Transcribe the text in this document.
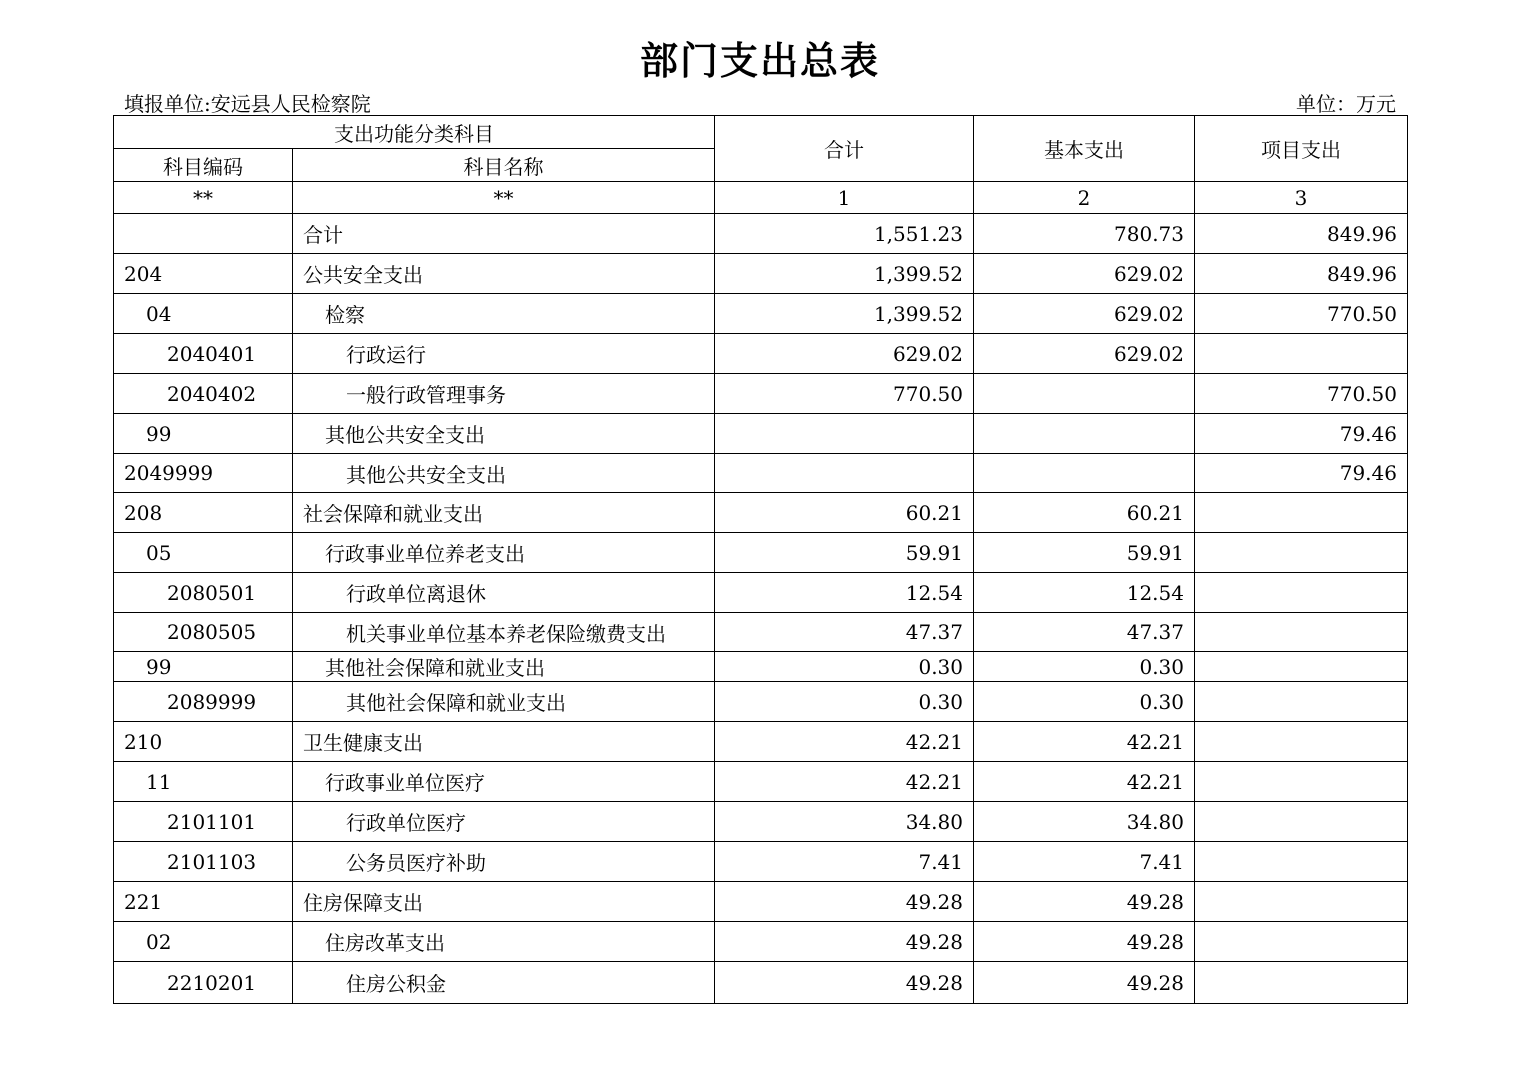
部门支出总表
填报单位:安远县人民检察院	单位：万元
支出功能分类科目		合计	基本支出	项目支出
科目编码	科目名称			
**	**	1	2	3
	合计	1,551.23	780.73	849.96
204	公共安全支出	1,399.52	629.02	849.96
04	检察	1,399.52	629.02	770.50
2040401	行政运行	629.02	629.02	
2040402	一般行政管理事务	770.50		770.50
99	其他公共安全支出			79.46
2049999	其他公共安全支出			79.46
208	社会保障和就业支出	60.21	60.21	
05	行政事业单位养老支出	59.91	59.91	
2080501	行政单位离退休	12.54	12.54	
2080505	机关事业单位基本养老保险缴费支出	47.37	47.37	
99	其他社会保障和就业支出	0.30	0.30	
2089999	其他社会保障和就业支出	0.30	0.30	
210	卫生健康支出	42.21	42.21	
11	行政事业单位医疗	42.21	42.21	
2101101	行政单位医疗	34.80	34.80	
2101103	公务员医疗补助	7.41	7.41	
221	住房保障支出	49.28	49.28	
02	住房改革支出	49.28	49.28	
2210201	住房公积金	49.28	49.28	
